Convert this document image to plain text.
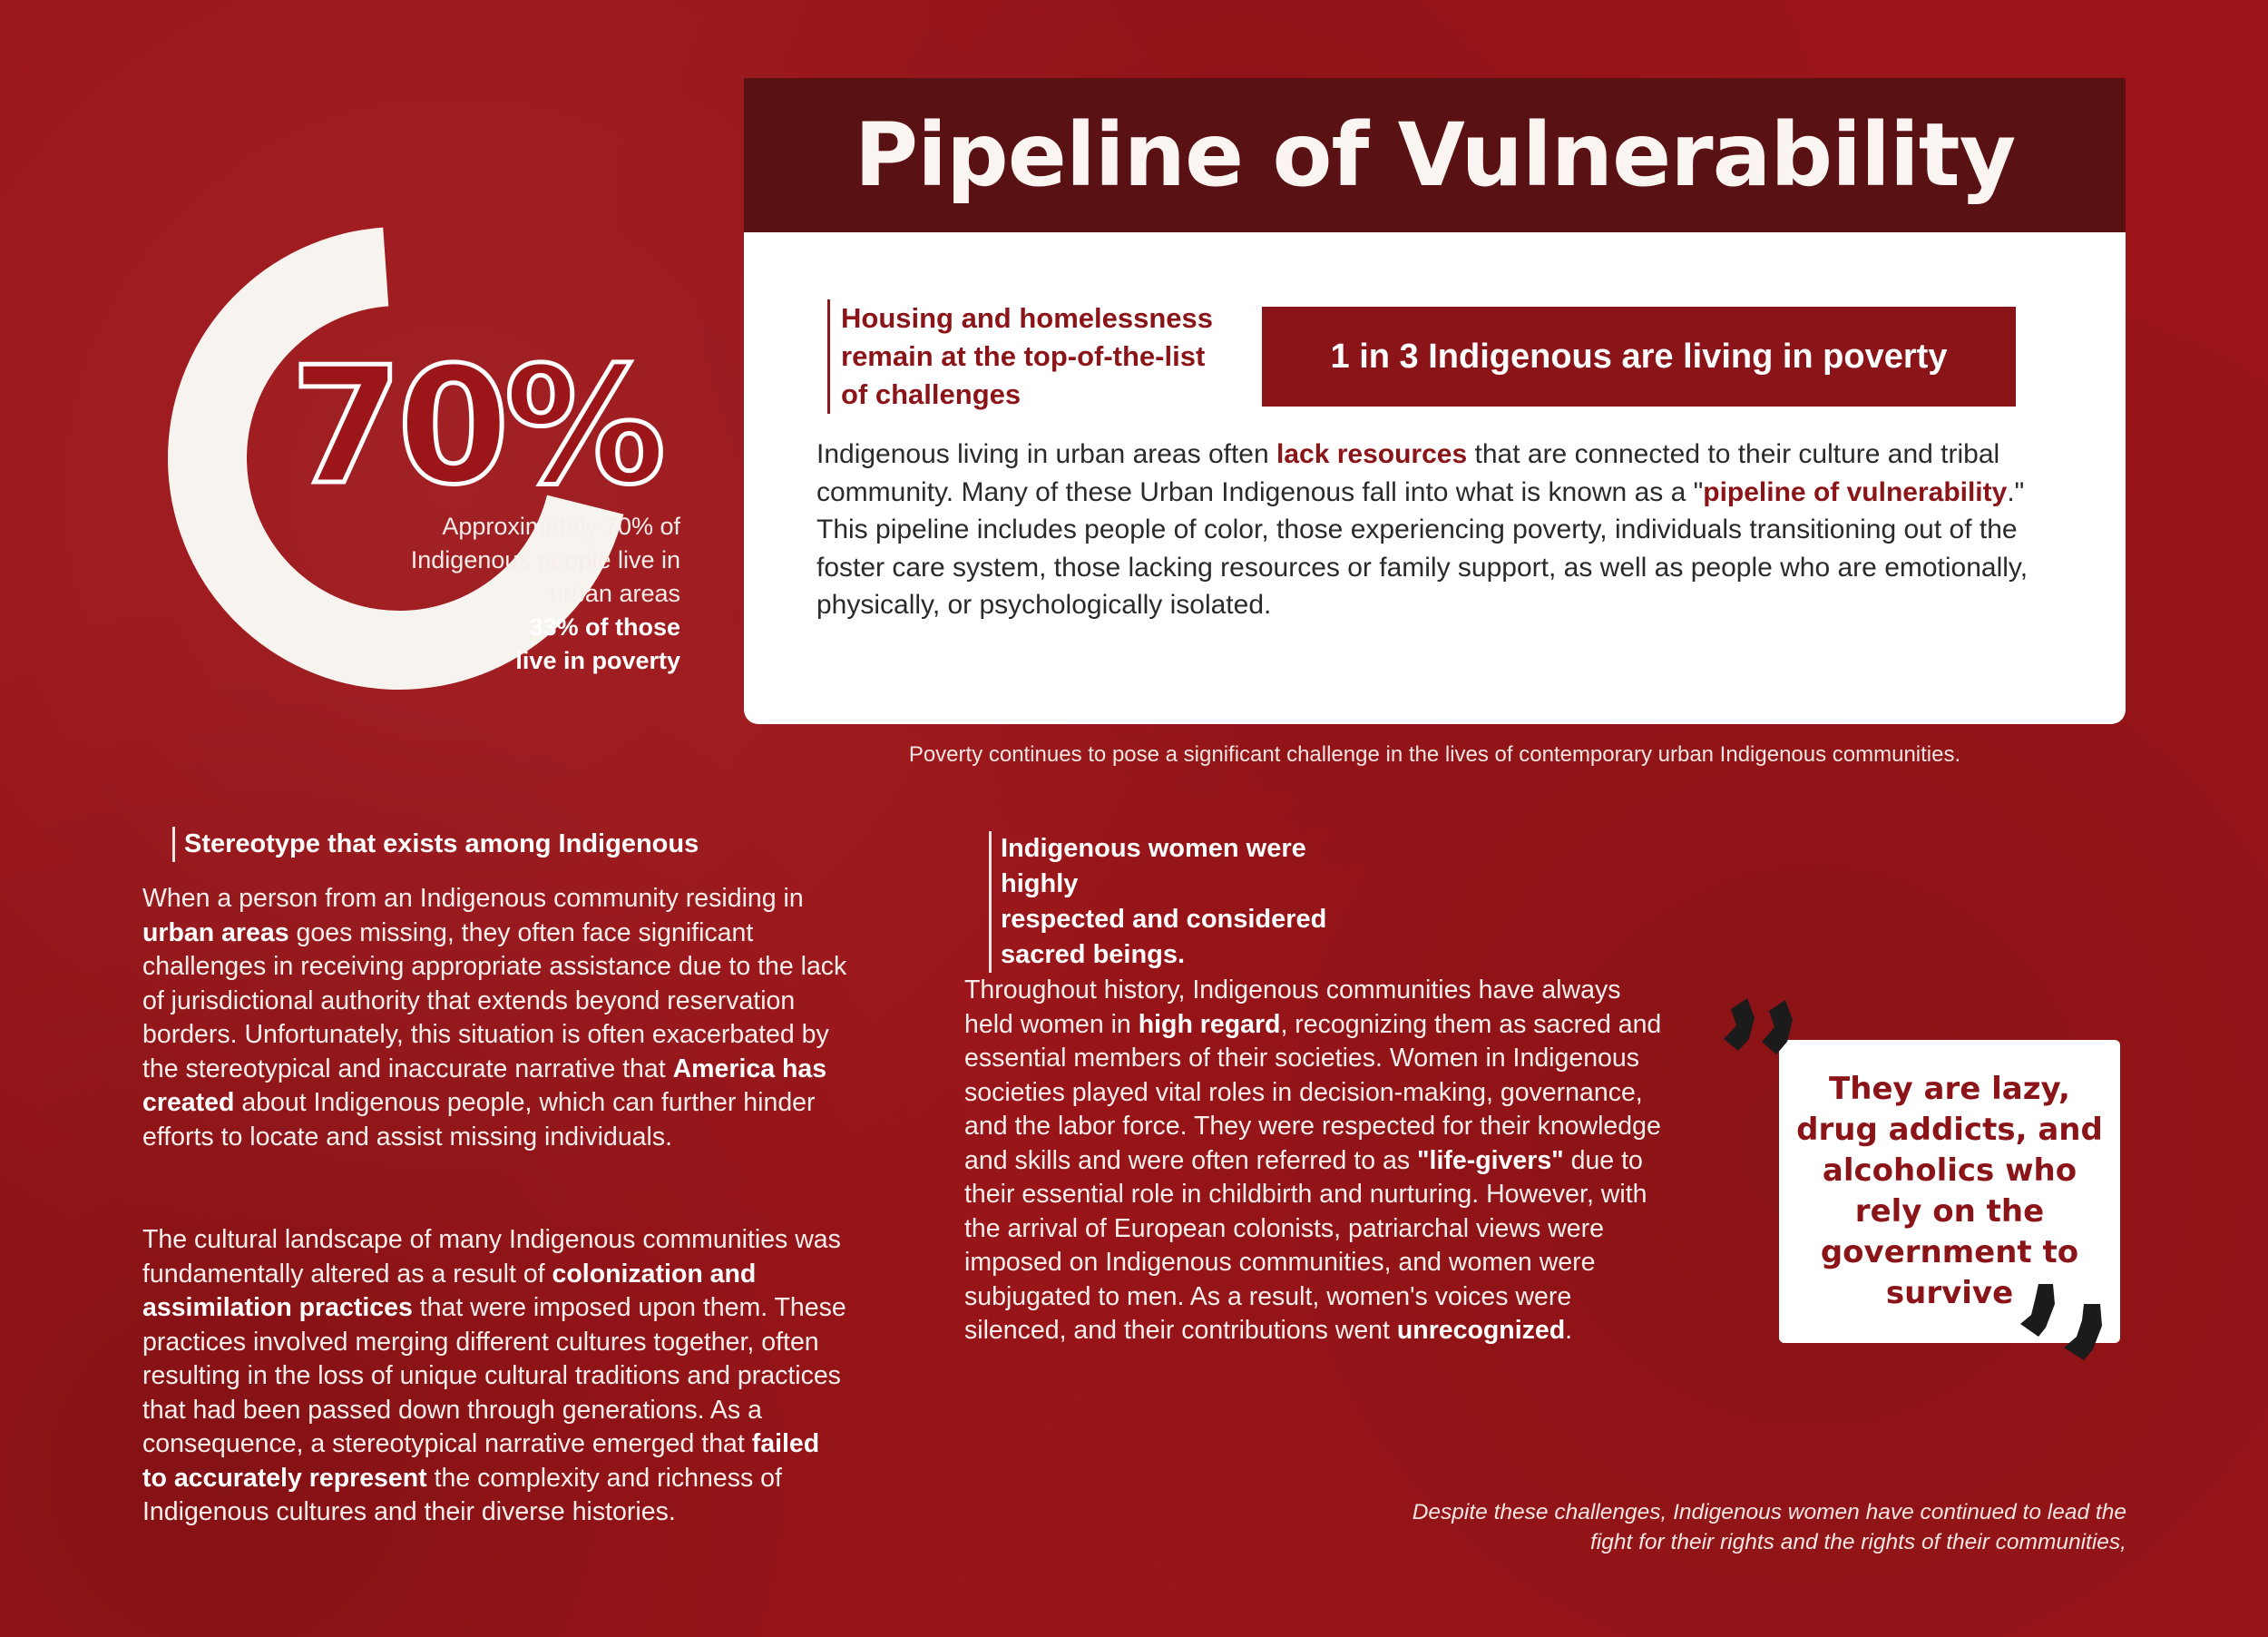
70%
Approximately 70% of
Indigenous people live in
urban areas
33% of those
live in poverty
Pipeline of Vulnerability
Housing and homelessness
remain at the top-of-the-list
of challenges
1 in 3 Indigenous are living in poverty

Indigenous living in urban areas often lack resources that are connected to their culture and tribal community. Many of these Urban Indigenous fall into what is known as a "pipeline of vulnerability." This pipeline includes people of color, those experiencing poverty, individuals transitioning out of the foster care system, those lacking resources or family support, as well as people who are emotionally, physically, or psychologically isolated.

Poverty continues to pose a significant challenge in the lives of contemporary urban Indigenous communities.
Stereotype that exists among Indigenous

When a person from an Indigenous community residing in urban areas goes missing, they often face significant challenges in receiving appropriate assistance due to the lack of jurisdictional authority that extends beyond reservation borders. Unfortunately, this situation is often exacerbated by the stereotypical and inaccurate narrative that America has created about Indigenous people, which can further hinder efforts to locate and assist missing individuals.

The cultural landscape of many Indigenous communities was fundamentally altered as a result of colonization and assimilation practices that were imposed upon them. These practices involved merging different cultures together, often resulting in the loss of unique cultural traditions and practices that had been passed down through generations. As a consequence, a stereotypical narrative emerged that failed to accurately represent the complexity and richness of Indigenous cultures and their diverse histories.

Indigenous women were highly
respected and considered
sacred beings.

Throughout history, Indigenous communities have always held women in high regard, recognizing them as sacred and essential members of their societies. Women in Indigenous societies played vital roles in decision-making, governance, and the labor force. They were respected for their knowledge and skills and were often referred to as "life-givers" due to their essential role in childbirth and nurturing. However, with the arrival of European colonists, patriarchal views were imposed on Indigenous communities, and women were subjugated to men. As a result, women's voices were silenced, and their contributions went unrecognized.

They are lazy,
drug addicts, and
alcoholics who
rely on the
government to
survive
Despite these challenges, Indigenous women have continued to lead the
fight for their rights and the rights of their communities,
